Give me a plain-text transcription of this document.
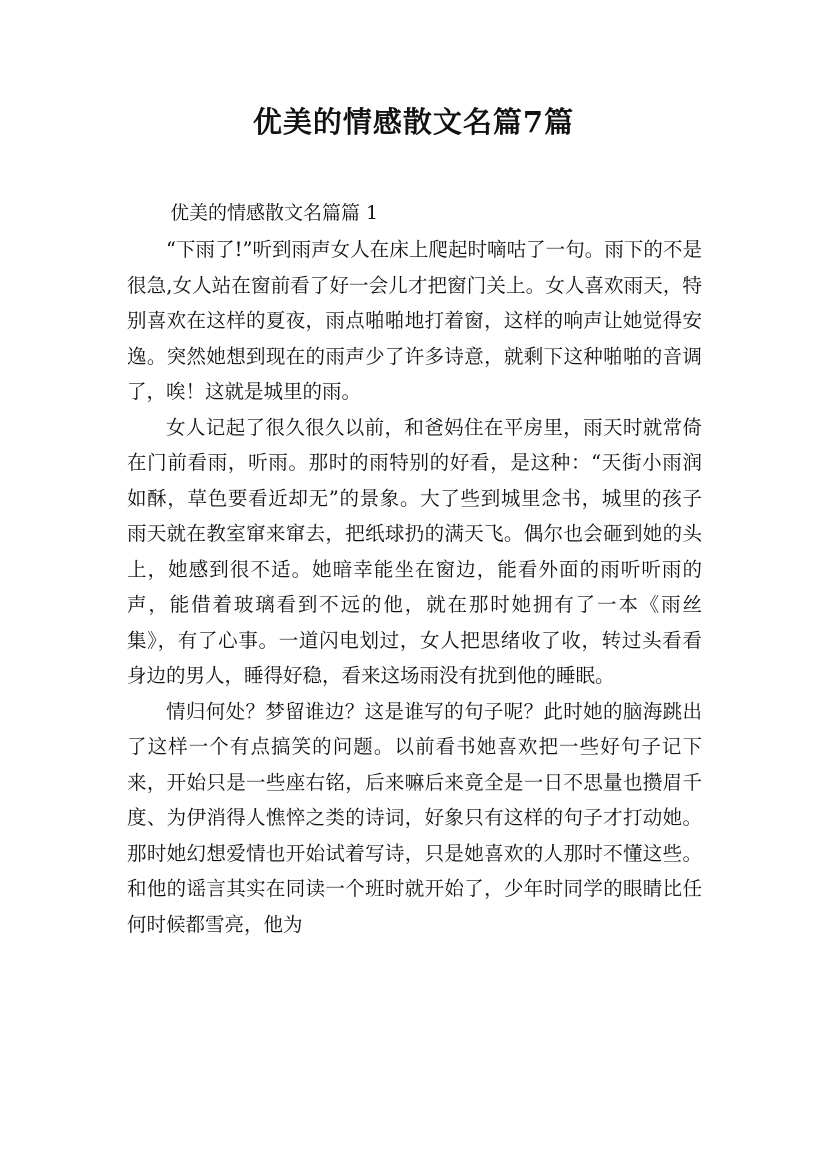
优美的情感散文名篇7篇
优美的情感散文名篇篇 1

“下雨了!”听到雨声女人在床上爬起时嘀咕了一句。雨下的不是很急,女人站在窗前看了好一会儿才把窗门关上。女人喜欢雨天，特别喜欢在这样的夏夜，雨点啪啪地打着窗，这样的响声让她觉得安逸。突然她想到现在的雨声少了许多诗意，就剩下这种啪啪的音调了，唉！这就是城里的雨。

女人记起了很久很久以前，和爸妈住在平房里，雨天时就常倚在门前看雨，听雨。那时的雨特别的好看，是这种：“天街小雨润如酥，草色要看近却无”的景象。大了些到城里念书，城里的孩子雨天就在教室窜来窜去，把纸球扔的满天飞。偶尔也会砸到她的头上，她感到很不适。她暗幸能坐在窗边，能看外面的雨听听雨的声，能借着玻璃看到不远的他，就在那时她拥有了一本《雨丝集》，有了心事。一道闪电划过，女人把思绪收了收，转过头看看身边的男人，睡得好稳，看来这场雨没有扰到他的睡眠。

情归何处？梦留谁边？这是谁写的句子呢？此时她的脑海跳出了这样一个有点搞笑的问题。以前看书她喜欢把一些好句子记下来，开始只是一些座右铭，后来嘛后来竟全是一日不思量也攒眉千度、为伊消得人憔悴之类的诗词，好象只有这样的句子才打动她。那时她幻想爱情也开始试着写诗，只是她喜欢的人那时不懂这些。和他的谣言其实在同读一个班时就开始了，少年时同学的眼睛比任何时候都雪亮，他为
